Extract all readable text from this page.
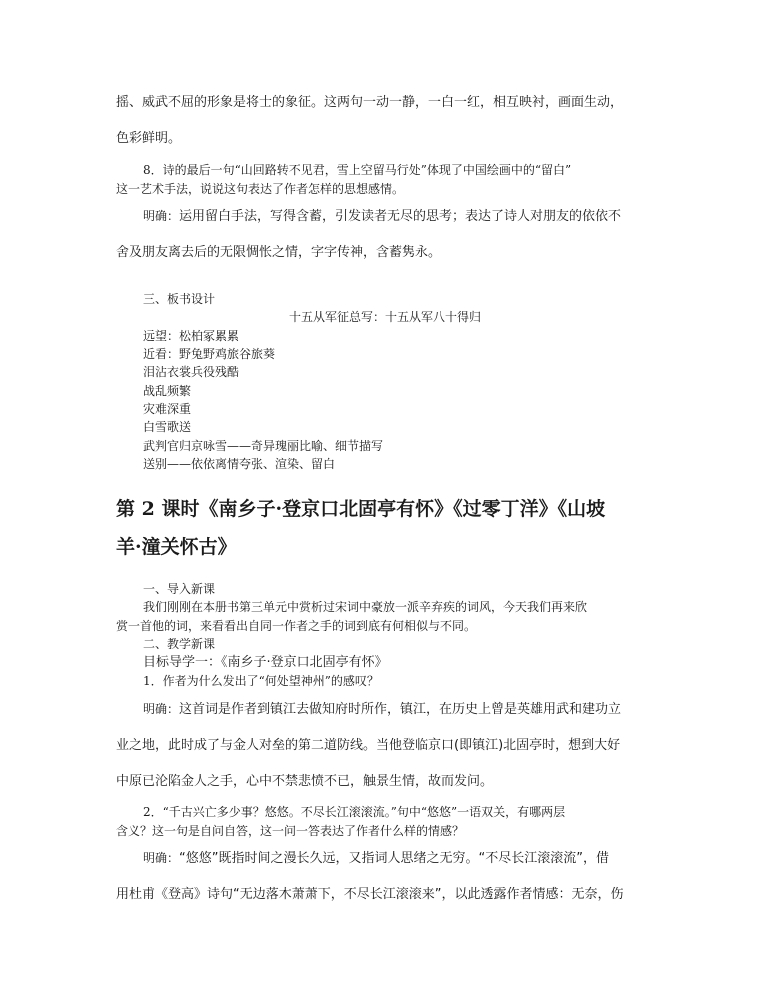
摇、威武不屈的形象是将士的象征。这两句一动一静，一白一红，相互映衬，画面生动，
色彩鲜明。
8．诗的最后一句“山回路转不见君，雪上空留马行处”体现了中国绘画中的“留白”
这一艺术手法，说说这句表达了作者怎样的思想感情。
明确：运用留白手法，写得含蓄，引发读者无尽的思考；表达了诗人对朋友的依依不
舍及朋友离去后的无限惆怅之情，字字传神，含蓄隽永。
三、板书设计
十五从军征总写：十五从军八十得归
远望：松柏冢累累
近看：野兔野鸡旅谷旅葵
泪沾衣裳兵役残酷
战乱频繁
灾难深重
白雪歌送
武判官归京咏雪——奇异瑰丽比喻、细节描写
送别——依依离情夸张、渲染、留白
第 2 课时《南乡子·登京口北固亭有怀》《过零丁洋》《山坡
羊·潼关怀古》
一、导入新课
我们刚刚在本册书第三单元中赏析过宋词中豪放一派辛弃疾的词风，今天我们再来欣
赏一首他的词，来看看出自同一作者之手的词到底有何相似与不同。
二、教学新课
目标导学一：《南乡子·登京口北固亭有怀》
1．作者为什么发出了“何处望神州”的感叹？
明确：这首词是作者到镇江去做知府时所作，镇江，在历史上曾是英雄用武和建功立
业之地，此时成了与金人对垒的第二道防线。当他登临京口(即镇江)北固亭时，想到大好
中原已沦陷金人之手，心中不禁悲愤不已，触景生情，故而发问。
2．“千古兴亡多少事？悠悠。不尽长江滚滚流。”句中“悠悠”一语双关，有哪两层
含义？这一句是自问自答，这一问一答表达了作者什么样的情感？
明确：“悠悠”既指时间之漫长久远，又指词人思绪之无穷。“不尽长江滚滚流”，借
用杜甫《登高》诗句“无边落木萧萧下，不尽长江滚滚来”，以此透露作者情感：无奈，伤
